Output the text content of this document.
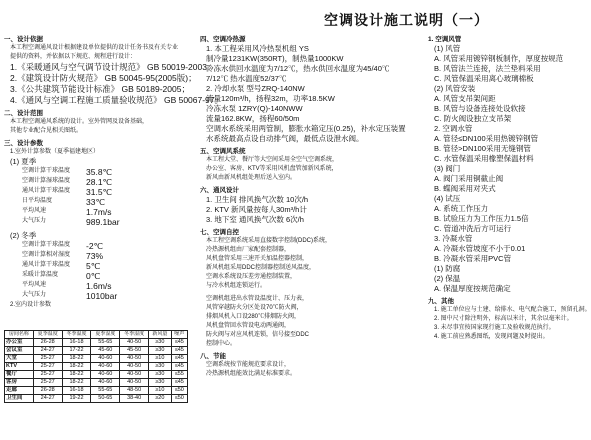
空调设计施工说明（一）
一、设计依据
本工程空调通风设计根据建设单位提供的设计任务书及有关专业
提供的资料，并依据以下规范、规程进行设计：
1.《采暖通风与空气调节设计规范》 GB 50019-2003；
2.《建筑设计防火规范》 GB 50045-95(2005版)；
3.《公共建筑节能设计标准》 GB 50189-2005；
4.《通风与空调工程施工质量验收规范》 GB 50067-97。
二、设计范围
本工程空调通风系统的设计。室外管网及设备基础，
其他专业配合见相关图纸。
三、设计参数
1.室外计算参数（夏季福建地区）
(1) 夏季
空调计算干球温度	35.8℃
空调计算湿球温度	28.1℃
通风计算干球温度	31.5℃
日平均温度	33℃
平均风速	1.7m/s
大气压力	989.1bar
(2) 冬季
空调计算干球温度	-2℃
空调计算相对湿度	73%
通风计算干球温度	5℃
采暖计算温度	0℃
平均风速	1.6m/s
大气压力	1010bar
2.室内设计参数
房间名称	夏季温度	冬季温度	夏季湿度	冬季湿度	新风量	噪声
办公室	26-28	16-18	55-65	40-50	≥30	≤45
会议室	24-27	17-22	45-60	45-50	≥30	≤45
大堂	25-27	18-22	40-60	40-50	≥10	≤45
KTV	25-27	18-22	40-60	40-50	≥30	≤45
餐厅	25-27	18-22	40-60	40-50	≥30	≤55
客房	25-27	18-22	40-60	40-50	≥30	≤45
走廊	26-28	16-18	55-65	48-50	≥10	≤50
卫生间	24-27	19-22	50-65	38-40	≥20	≤50
四、空调冷热源
1. 本工程采用风冷热泵机组 YS
制冷量1231KW(350RT)，制热量1000KW
冷冻水供回水温度为7/12℃，热水供回水温度为45/40℃
7/12℃ 热水温度52/37℃
2. 冷却水泵 型号ZRQ-140NW
流量120m³/h，扬程32m，功率18.5KW
冷冻水泵 1ZRY(Q)-140NWW
流量162.8KW，扬程60/50m
空调水系统采用两管制，膨胀水箱定压(0.25)，补水定压装置
水系统最高点设自动排气阀，最低点设泄水阀。
五、空调风系统
本工程大堂、餐厅等大空间采用全空气空调系统，
办公室、客房、KTV等采用风机盘管加新风系统，
新风由新风机组处理后送入室内。
六、通风设计
1. 卫生间 排风换气次数 10次/h
2. KTV 新风量按每人30m³/h计
3. 地下室 通风换气次数 6次/h
七、空调自控
本工程空调系统采用直接数字控制(DDC)系统，
冷热源机组由厂家配套控制器，
风机盘管采用三速开关加温控器控制，
新风机组采用DDC控制器控制送风温度，
空调水系统设压差旁通控制装置，
与冷水机组连锁运行。
空调机组进出水管设温度计、压力表，
风管穿越防火分区处设70℃防火阀，
排烟风机入口设280℃排烟防火阀，
风机盘管回水管设电动两通阀，
防火阀与对应风机连锁，信号接至DDC
控制中心。
八、节能
空调系统按节能规范要求设计，
冷热源机组能效比满足标准要求。
1. 空调风管
(1) 风管
A. 风管采用镀锌钢板制作，厚度按规范
B. 风管法兰连接，法兰垫料采用
C. 风管保温采用离心玻璃棉板
(2) 风管安装
A. 风管支吊架间距
B. 风管与设备连接处设软接
C. 防火阀设独立支吊架
2. 空调水管
A. 管径≤DN100采用热镀锌钢管
B. 管径>DN100采用无缝钢管
C. 水管保温采用橡塑保温材料
(3) 阀门
A. 阀门采用铜截止阀
B. 蝶阀采用对夹式
(4) 试压
A. 系统工作压力
B. 试验压力为工作压力1.5倍
C. 管道冲洗后方可运行
3. 冷凝水管
A. 冷凝水管坡度不小于0.01
B. 冷凝水管采用PVC管
(1) 防腐
(2) 保温
A. 保温厚度按规范确定
九、其他
1. 施工单位应与土建、给排水、电气配合施工，预留孔洞。
2. 图中尺寸除注明外，标高以米计，其余以毫米计。
3. 未尽事宜按国家现行施工及验收规范执行。
4. 施工前应熟悉图纸，发现问题及时提出。
